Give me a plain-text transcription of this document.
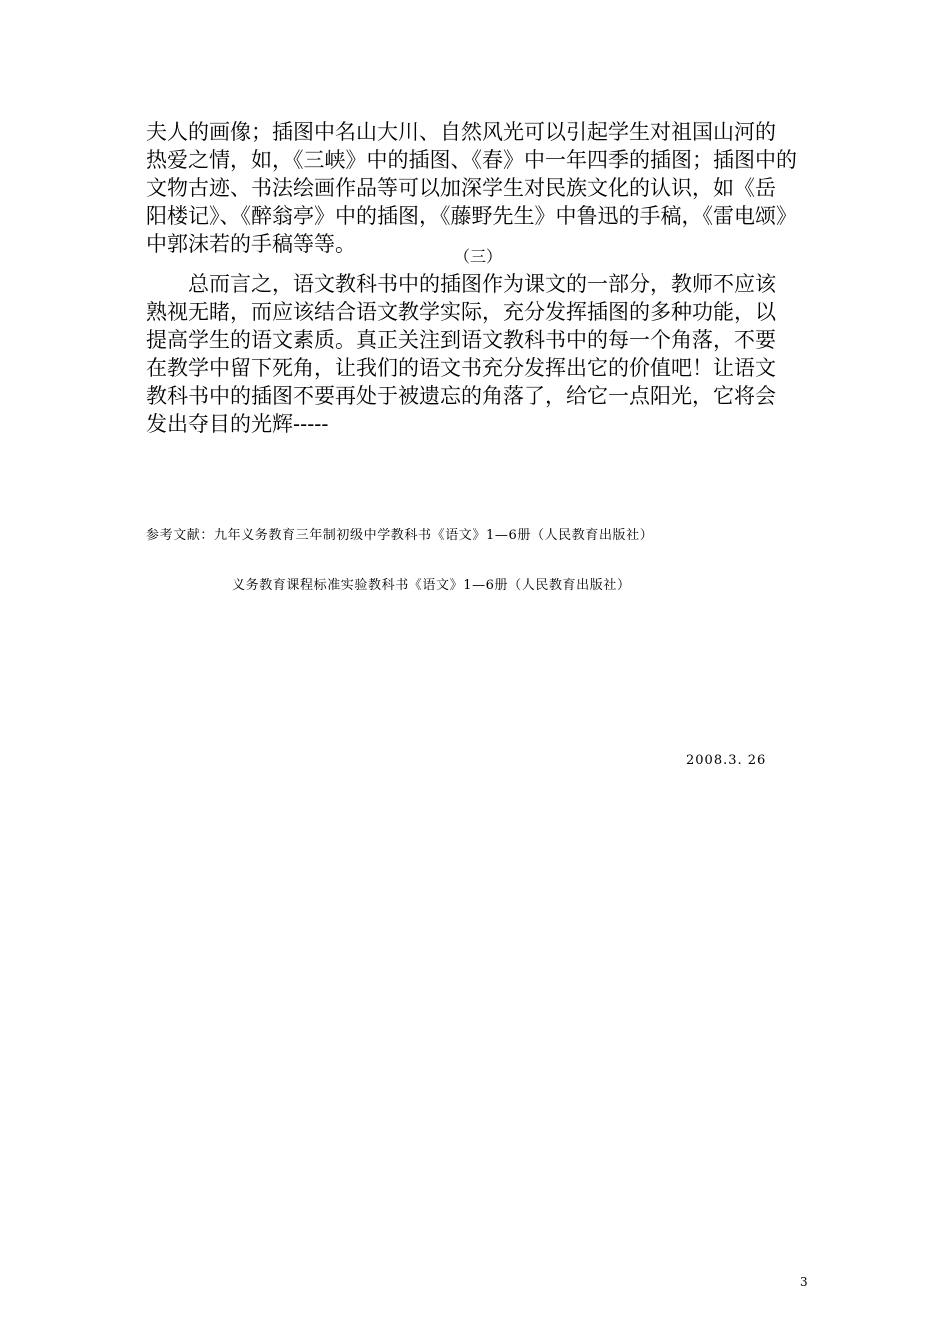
夫人的画像；插图中名山大川、自然风光可以引起学生对祖国山河的
热爱之情，如，《三峡》中的插图、《春》中一年四季的插图；插图中的
文物古迹、书法绘画作品等可以加深学生对民族文化的认识，如《岳
阳楼记》、《醉翁亭》中的插图，《藤野先生》中鲁迅的手稿，《雷电颂》
中郭沫若的手稿等等。

（三）

　　总而言之，语文教科书中的插图作为课文的一部分，教师不应该
熟视无睹，而应该结合语文教学实际，充分发挥插图的多种功能，以
提高学生的语文素质。真正关注到语文教科书中的每一个角落，不要
在教学中留下死角，让我们的语文书充分发挥出它的价值吧！让语文
教科书中的插图不要再处于被遗忘的角落了，给它一点阳光，它将会
发出夺目的光辉-----

参考文献：九年义务教育三年制初级中学教科书《语文》1—6册（人民教育出版社）

义务教育课程标准实验教科书《语文》1—6册（人民教育出版社）

2008.3. 26

3
